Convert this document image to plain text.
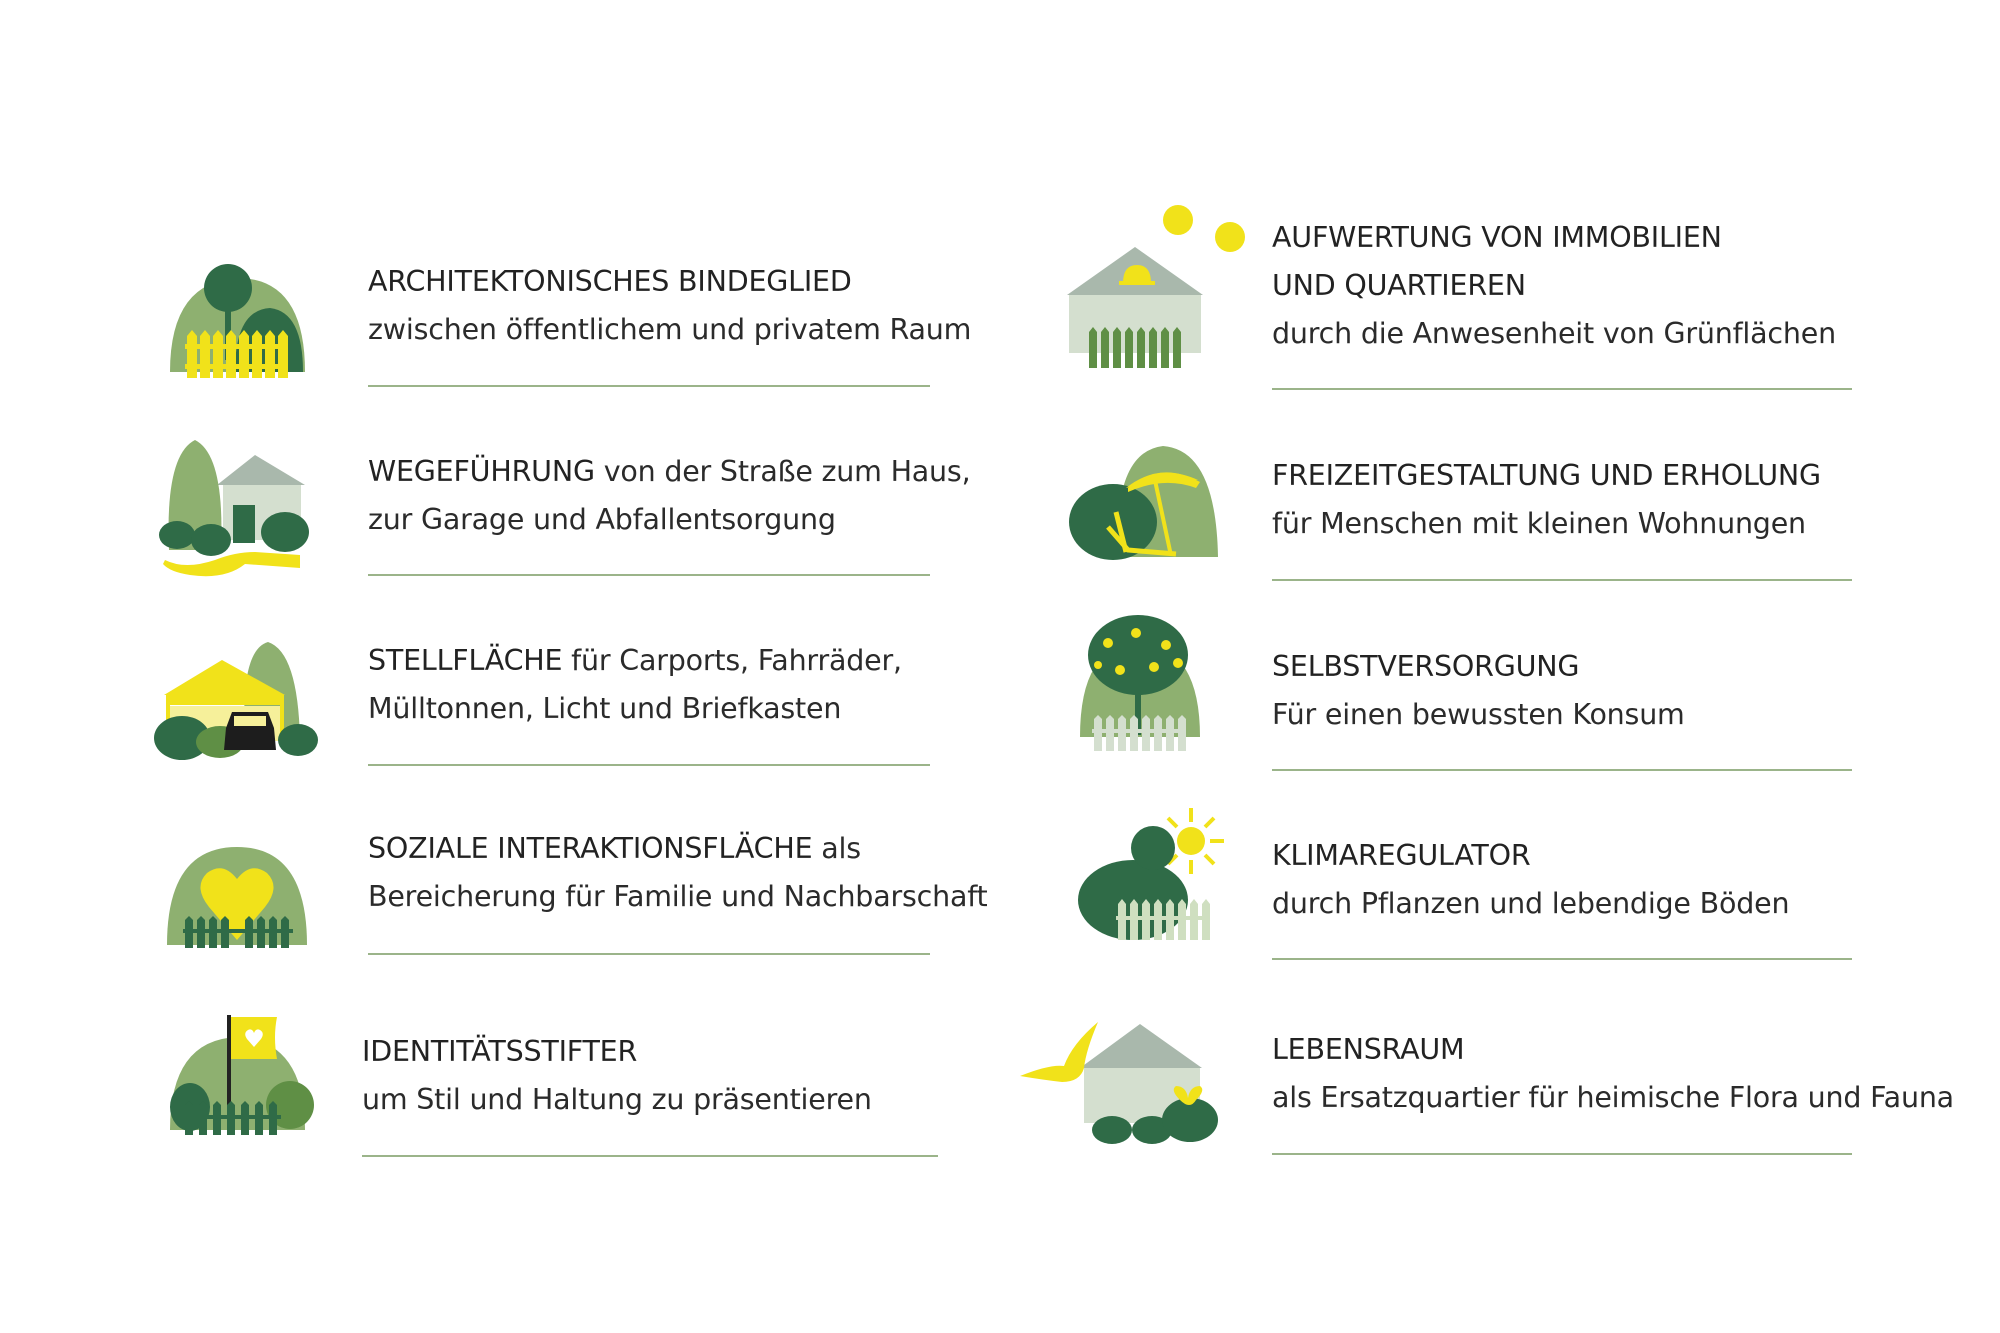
ARCHITEKTONISCHES BINDEGLIED
zwischen öffentlichem und privatem Raum
WEGEFÜHRUNG von der Straße zum Haus,
zur Garage und Abfallentsorgung
STELLFLÄCHE für Carports, Fahrräder,
Mülltonnen, Licht und Briefkasten
SOZIALE INTERAKTIONSFLÄCHE als
Bereicherung für Familie und Nachbarschaft
IDENTITÄTSSTIFTER
um Stil und Haltung zu präsentieren
AUFWERTUNG VON IMMOBILIEN
UND QUARTIEREN
durch die Anwesenheit von Grünflächen
FREIZEITGESTALTUNG UND ERHOLUNG
für Menschen mit kleinen Wohnungen
SELBSTVERSORGUNG
Für einen bewussten Konsum
KLIMAREGULATOR
durch Pflanzen und lebendige Böden
LEBENSRAUM
als Ersatzquartier für heimische Flora und Fauna
